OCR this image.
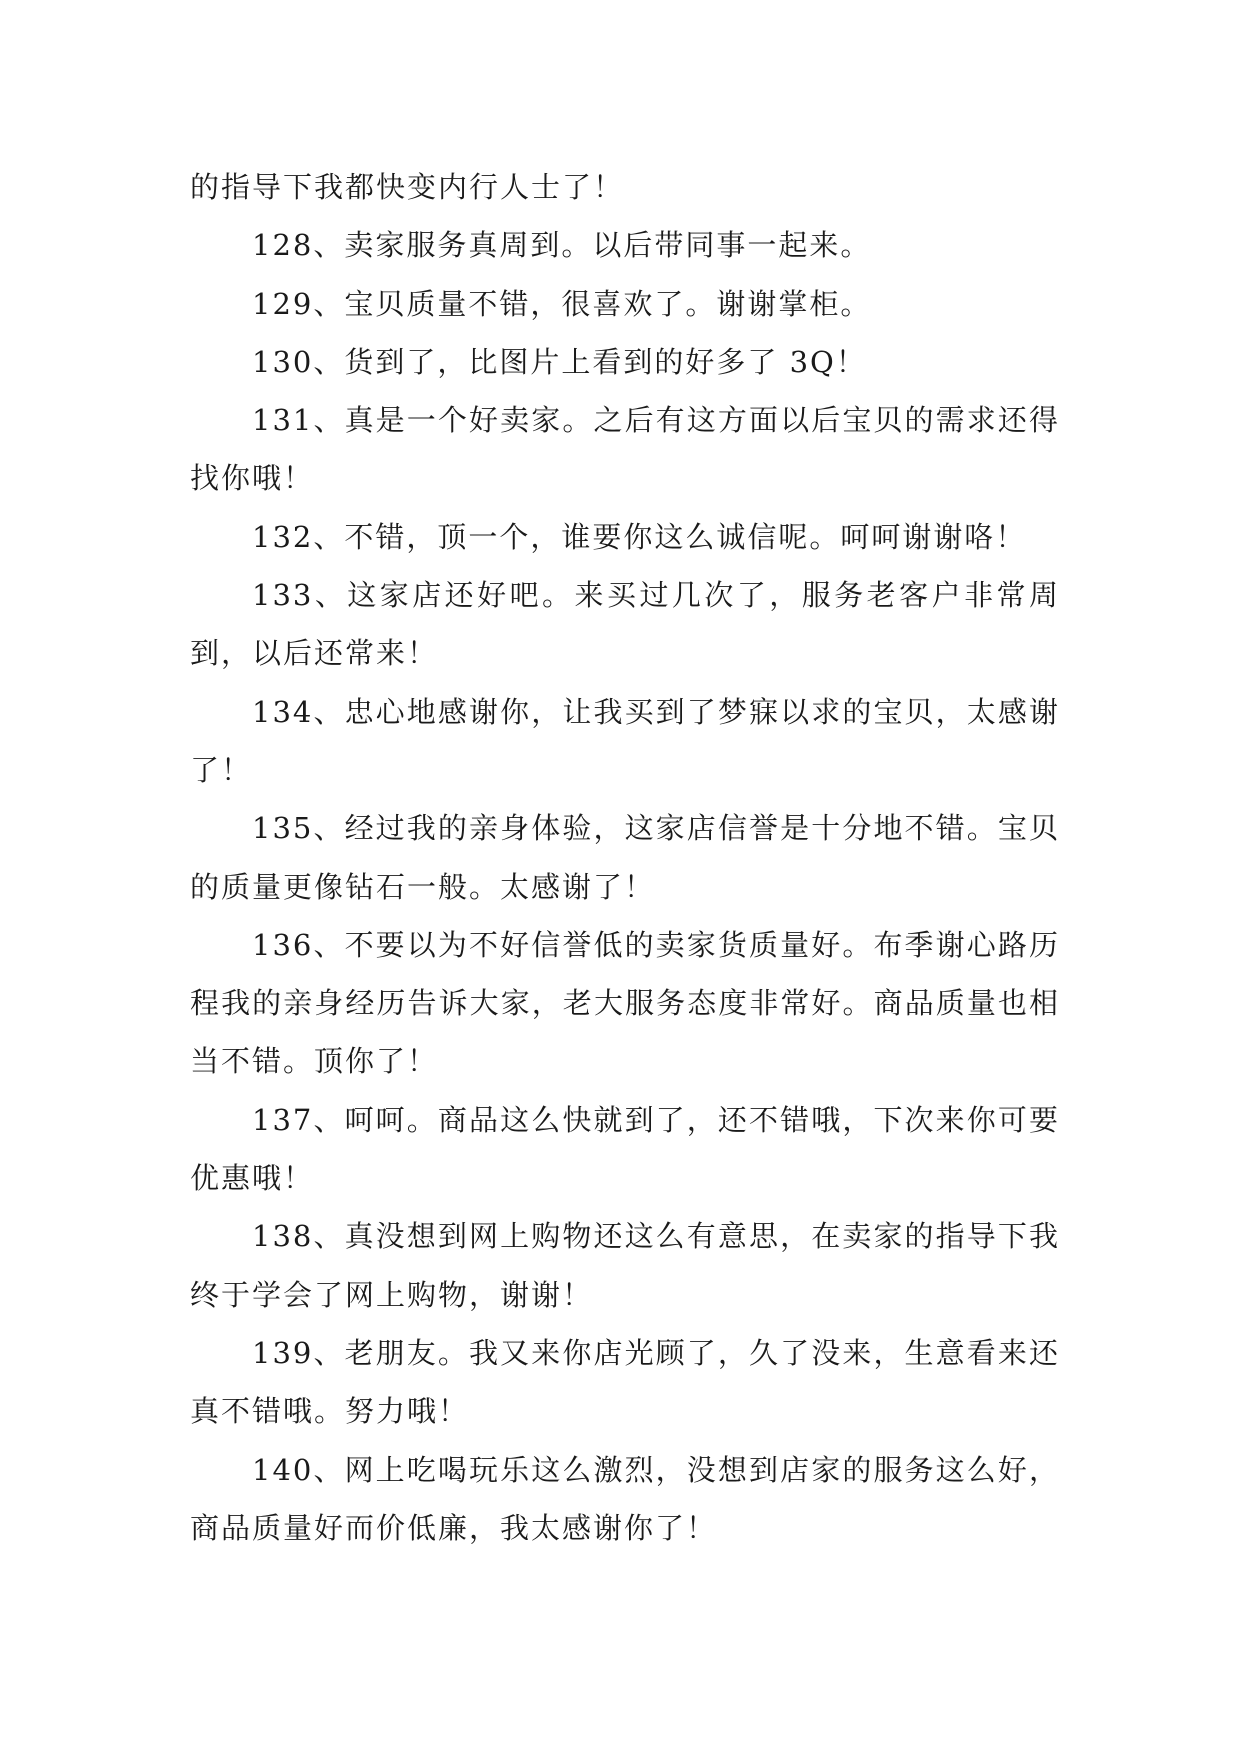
的指导下我都快变内行人士了！

128、卖家服务真周到。以后带同事一起来。

129、宝贝质量不错，很喜欢了。谢谢掌柜。

130、货到了，比图片上看到的好多了 3Q！

131、真是一个好卖家。之后有这方面以后宝贝的需求还得找你哦！

132、不错，顶一个，谁要你这么诚信呢。呵呵谢谢咯！

133、这家店还好吧。来买过几次了，服务老客户非常周到，以后还常来！

134、忠心地感谢你，让我买到了梦寐以求的宝贝，太感谢了！

135、经过我的亲身体验，这家店信誉是十分地不错。宝贝的质量更像钻石一般。太感谢了！

136、不要以为不好信誉低的卖家货质量好。布季谢心路历程我的亲身经历告诉大家，老大服务态度非常好。商品质量也相当不错。顶你了！

137、呵呵。商品这么快就到了，还不错哦，下次来你可要优惠哦！

138、真没想到网上购物还这么有意思，在卖家的指导下我终于学会了网上购物，谢谢！

139、老朋友。我又来你店光顾了，久了没来，生意看来还真不错哦。努力哦！

140、网上吃喝玩乐这么激烈，没想到店家的服务这么好，商品质量好而价低廉，我太感谢你了！
